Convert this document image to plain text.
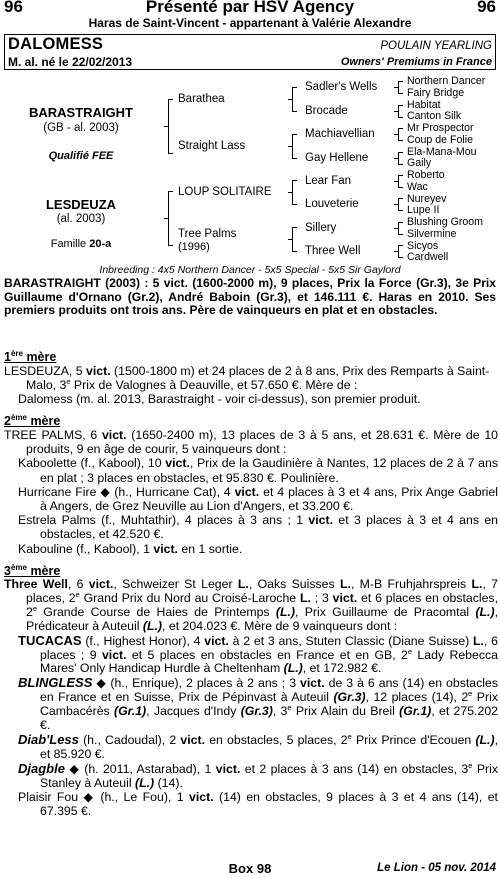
96	Présenté par HSV Agency	96
Haras de Saint-Vincent - appartenant à Valérie Alexandre
DALOMESS	POULAIN YEARLING
M. al. né le 22/02/2013	Owners' Premiums in France
BARASTRAIGHT
(GB - al. 2003)
Qualifié FEE
LESDEUZA
(al. 2003)
Famille 20-a
Barathea
Straight Lass
LOUP SOLITAIRE
Tree Palms
(1996)
Sadler's Wells
Brocade
Machiavellian
Gay Hellene
Lear Fan
Louveterie
Sillery
Three Well
Northern Dancer
Fairy Bridge
Habitat
Canton Silk
Mr Prospector
Coup de Folie
Ela-Mana-Mou
Gaily
Roberto
Wac
Nureyev
Lupe II
Blushing Groom
Silvermine
Sicyos
Cardwell
Inbreeding : 4x5 Northern Dancer - 5x5 Special - 5x5 Sir Gaylord
BARASTRAIGHT (2003) : 5 vict. (1600-2000 m), 9 places, Prix la Force (Gr.3), 3e Prix Guillaume d'Ornano (Gr.2), André Baboin (Gr.3), et 146.111 €. Haras en 2010. Ses premiers produits ont trois ans. Père de vainqueurs en plat et en obstacles.
1ère mère
LESDEUZA, 5 vict. (1500-1800 m) et 24 places de 2 à 8 ans, Prix des Remparts à Saint-Malo, 3e Prix de Valognes à Deauville, et 57.650 €. Mère de :
Dalomess (m. al. 2013, Barastraight - voir ci-dessus), son premier produit.
2ème mère
TREE PALMS, 6 vict. (1650-2400 m), 13 places de 3 à 5 ans, et 28.631 €. Mère de 10 produits, 9 en âge de courir, 5 vainqueurs dont :
Kaboolette (f., Kabool), 10 vict., Prix de la Gaudinière à Nantes, 12 places de 2 à 7 ans en plat ; 3 places en obstacles, et 95.830 €. Poulinière.
Hurricane Fire ◆ (h., Hurricane Cat), 4 vict. et 4 places à 3 et 4 ans, Prix Ange Gabriel à Angers, de Grez Neuville au Lion d'Angers, et 33.200 €.
Estrela Palms (f., Muhtathir), 4 places à 3 ans ; 1 vict. et 3 places à 3 et 4 ans en obstacles, et 42.520 €.
Kabouline (f., Kabool), 1 vict. en 1 sortie.
3ème mère
Three Well, 6 vict., Schweizer St Leger L., Oaks Suisses L., M-B Fruhjahrspreis L., 7 places, 2e Grand Prix du Nord au Croisé-Laroche L. ; 3 vict. et 6 places en obstacles, 2e Grande Course de Haies de Printemps (L.), Prix Guillaume de Pracomtal (L.), Prédicateur à Auteuil (L.), et 204.023 €. Mère de 9 vainqueurs dont :
TUCACAS (f., Highest Honor), 4 vict. à 2 et 3 ans, Stuten Classic (Diane Suisse) L., 6 places ; 9 vict. et 5 places en obstacles en France et en GB, 2e Lady Rebecca Mares' Only Handicap Hurdle à Cheltenham (L.), et 172.982 €.
BLINGLESS ◆ (h., Enrique), 2 places à 2 ans ; 3 vict. de 3 à 6 ans (14) en obstacles en France et en Suisse, Prix de Pépinvast à Auteuil (Gr.3), 12 places (14), 2e Prix Cambacérès (Gr.1), Jacques d'Indy (Gr.3), 3e Prix Alain du Breil (Gr.1), et 275.202 €.
Diab'Less (h., Cadoudal), 2 vict. en obstacles, 5 places, 2e Prix Prince d'Ecouen (L.), et 85.920 €.
Djagble ◆ (h. 2011, Astarabad), 1 vict. et 2 places à 3 ans (14) en obstacles, 3e Prix Stanley à Auteuil (L.) (14).
Plaisir Fou ◆ (h., Le Fou), 1 vict. (14) en obstacles, 9 places à 3 et 4 ans (14), et 67.395 €.
Box 98	Le Lion - 05 nov. 2014
